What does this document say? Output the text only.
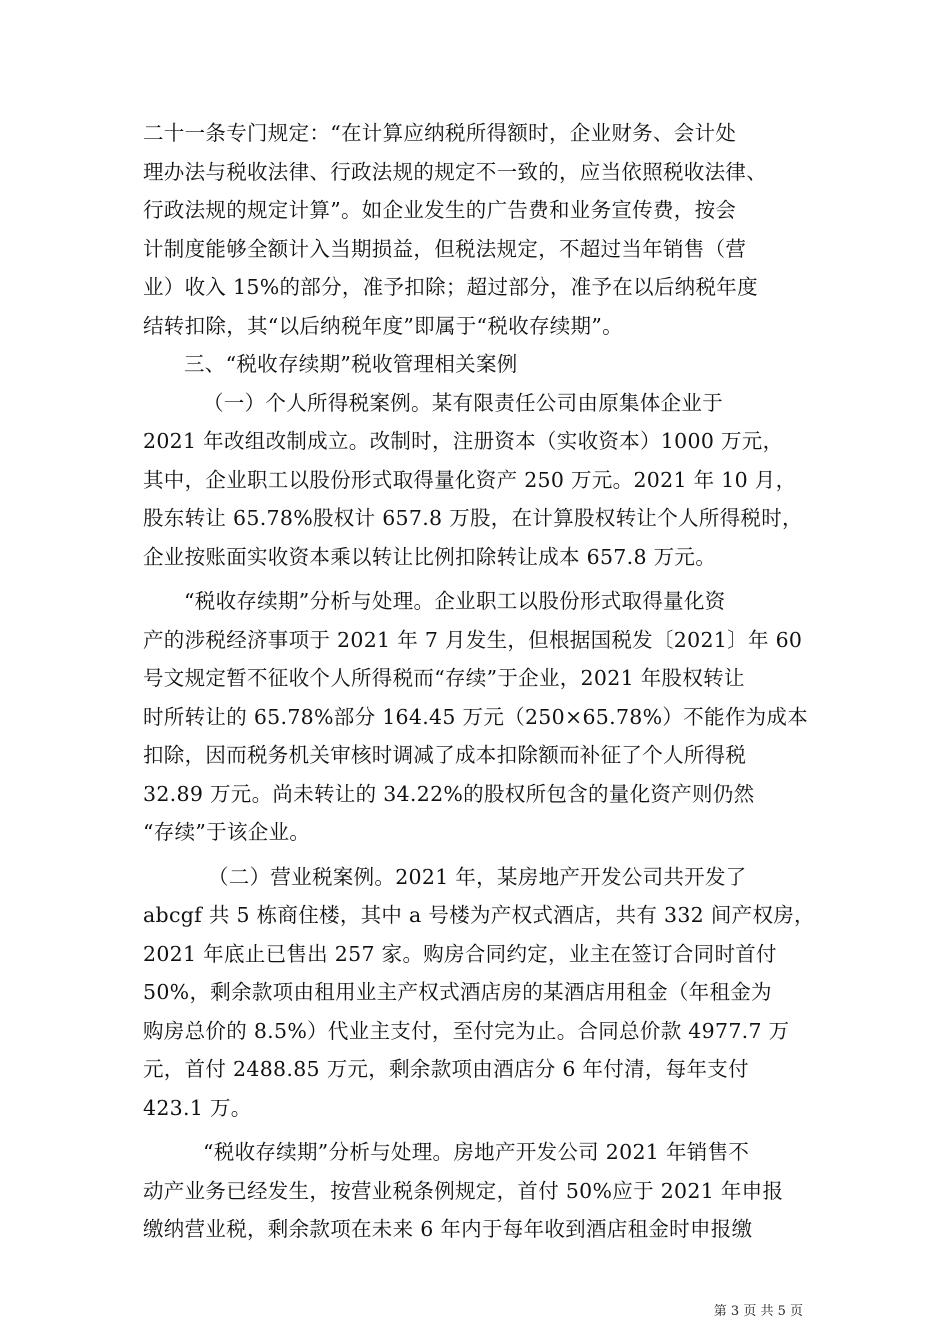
二十一条专门规定：“在计算应纳税所得额时，企业财务、会计处
理办法与税收法律、行政法规的规定不一致的，应当依照税收法律、
行政法规的规定计算”。如企业发生的广告费和业务宣传费，按会
计制度能够全额计入当期损益，但税法规定，不超过当年销售（营
业）收入 15%的部分，准予扣除；超过部分，准予在以后纳税年度
结转扣除，其“以后纳税年度”即属于“税收存续期”。
三、“税收存续期”税收管理相关案例
（一）个人所得税案例。某有限责任公司由原集体企业于
2021 年改组改制成立。改制时，注册资本（实收资本）1000 万元，
其中，企业职工以股份形式取得量化资产 250 万元。2021 年 10 月，
股东转让 65.78%股权计 657.8 万股，在计算股权转让个人所得税时，
企业按账面实收资本乘以转让比例扣除转让成本 657.8 万元。
“税收存续期”分析与处理。企业职工以股份形式取得量化资
产的涉税经济事项于 2021 年 7 月发生，但根据国税发〔2021〕年 60
号文规定暂不征收个人所得税而“存续”于企业，2021 年股权转让
时所转让的 65.78%部分 164.45 万元（250×65.78%）不能作为成本
扣除，因而税务机关审核时调减了成本扣除额而补征了个人所得税
32.89 万元。尚未转让的 34.22%的股权所包含的量化资产则仍然
“存续”于该企业。
（二）营业税案例。2021 年，某房地产开发公司共开发了
abcgf 共 5 栋商住楼，其中 a 号楼为产权式酒店，共有 332 间产权房，
2021 年底止已售出 257 家。购房合同约定，业主在签订合同时首付
50%，剩余款项由租用业主产权式酒店房的某酒店用租金（年租金为
购房总价的 8.5%）代业主支付，至付完为止。合同总价款 4977.7 万
元，首付 2488.85 万元，剩余款项由酒店分 6 年付清，每年支付
423.1 万。
“税收存续期”分析与处理。房地产开发公司 2021 年销售不
动产业务已经发生，按营业税条例规定，首付 50%应于 2021 年申报
缴纳营业税，剩余款项在未来 6 年内于每年收到酒店租金时申报缴
第 3 页 共 5 页
